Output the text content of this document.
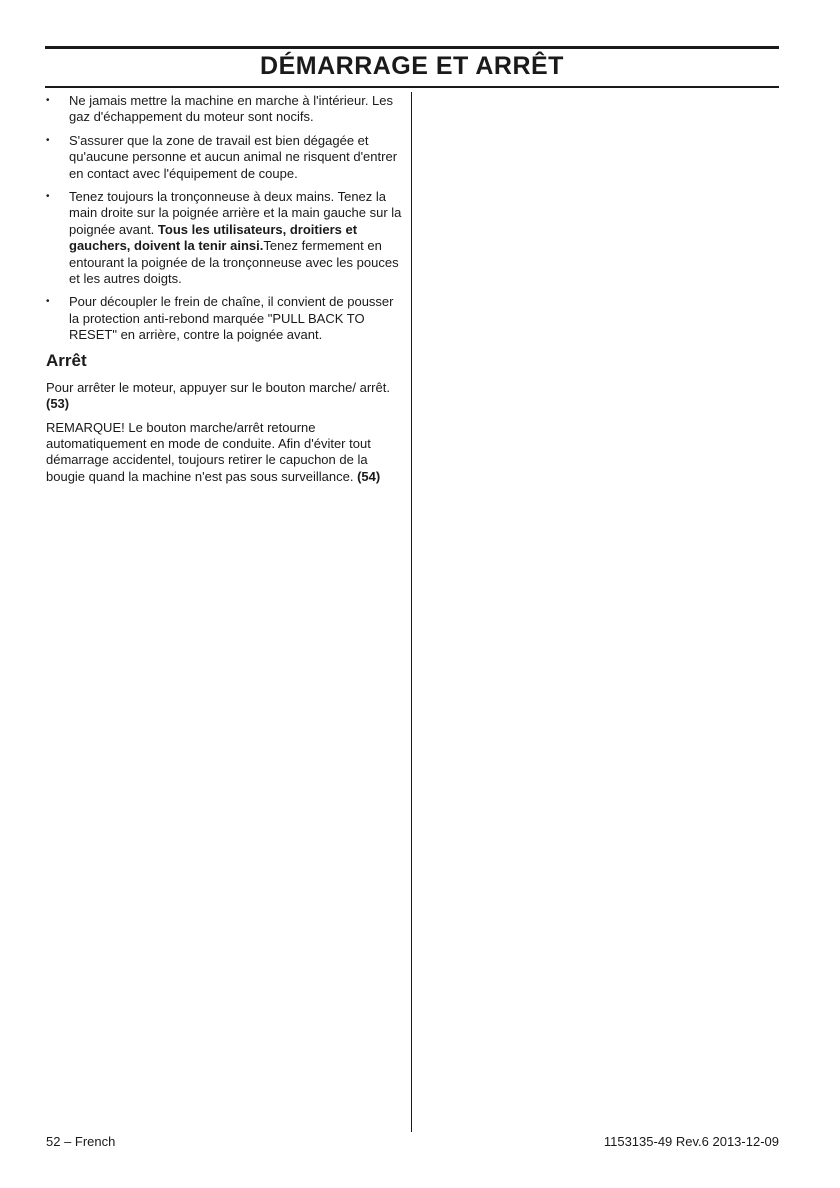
DÉMARRAGE ET ARRÊT
• Ne jamais mettre la machine en marche à l'intérieur. Les gaz d'échappement du moteur sont nocifs.
• S'assurer que la zone de travail est bien dégagée et qu'aucune personne et aucun animal ne risquent d'entrer en contact avec l'équipement de coupe.
• Tenez toujours la tronçonneuse à deux mains. Tenez la main droite sur la poignée arrière et la main gauche sur la poignée avant. Tous les utilisateurs, droitiers et gauchers, doivent la tenir ainsi.Tenez fermement en entourant la poignée de la tronçonneuse avec les pouces et les autres doigts.
• Pour découpler le frein de chaîne, il convient de pousser la protection anti-rebond marquée "PULL BACK TO RESET" en arrière, contre la poignée avant.
Arrêt

Pour arrêter le moteur, appuyer sur le bouton marche/ arrêt. (53)

REMARQUE! Le bouton marche/arrêt retourne automatiquement en mode de conduite. Afin d'éviter tout démarrage accidentel, toujours retirer le capuchon de la bougie quand la machine n'est pas sous surveillance. (54)

52 – French	1153135-49 Rev.6 2013-12-09
